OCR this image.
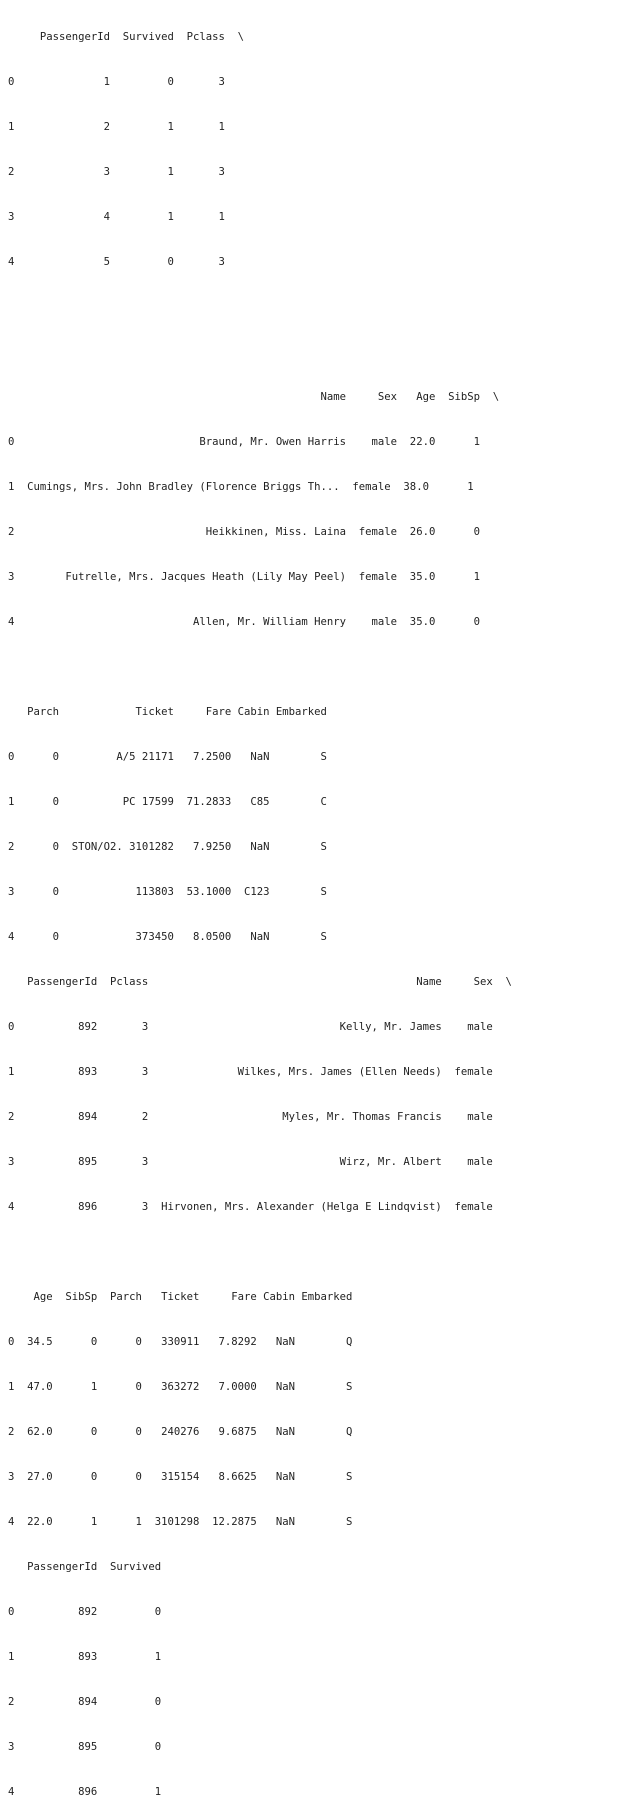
PassengerId  Survived  Pclass  \

0              1         0       3

1              2         1       1

2              3         1       3

3              4         1       1

4              5         0       3

Name     Sex   Age  SibSp  \

0                             Braund, Mr. Owen Harris    male  22.0      1

1  Cumings, Mrs. John Bradley (Florence Briggs Th...  female  38.0      1

2                              Heikkinen, Miss. Laina  female  26.0      0

3        Futrelle, Mrs. Jacques Heath (Lily May Peel)  female  35.0      1

4                            Allen, Mr. William Henry    male  35.0      0

Parch            Ticket     Fare Cabin Embarked

0      0         A/5 21171   7.2500   NaN        S

1      0          PC 17599  71.2833   C85        C

2      0  STON/O2. 3101282   7.9250   NaN        S

3      0            113803  53.1000  C123        S

4      0            373450   8.0500   NaN        S

PassengerId  Pclass                                          Name     Sex  \

0          892       3                              Kelly, Mr. James    male

1          893       3              Wilkes, Mrs. James (Ellen Needs)  female

2          894       2                     Myles, Mr. Thomas Francis    male

3          895       3                              Wirz, Mr. Albert    male

4          896       3  Hirvonen, Mrs. Alexander (Helga E Lindqvist)  female

Age  SibSp  Parch   Ticket     Fare Cabin Embarked

0  34.5      0      0   330911   7.8292   NaN        Q

1  47.0      1      0   363272   7.0000   NaN        S

2  62.0      0      0   240276   9.6875   NaN        Q

3  27.0      0      0   315154   8.6625   NaN        S

4  22.0      1      1  3101298  12.2875   NaN        S

PassengerId  Survived

0          892         0

1          893         1

2          894         0

3          895         0

4          896         1
